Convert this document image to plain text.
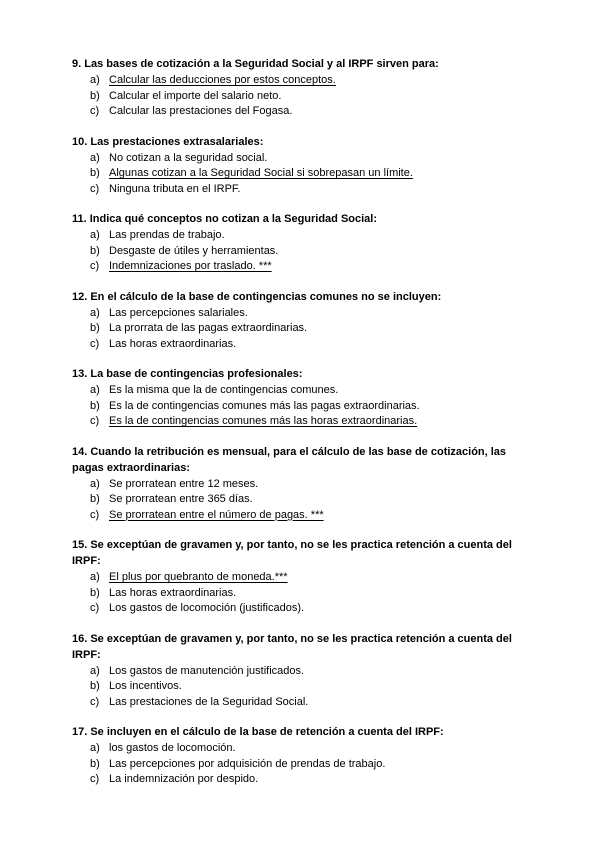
9. Las bases de cotización a la Seguridad Social y al IRPF sirven para:
a) Calcular las deducciones por estos conceptos.
b) Calcular el importe del salario neto.
c) Calcular las prestaciones del Fogasa.
10. Las prestaciones extrasalariales:
a) No cotizan a la seguridad social.
b) Algunas cotizan a la Seguridad Social si sobrepasan un límite.
c) Ninguna tributa en el IRPF.
11. Indica qué conceptos no cotizan a la Seguridad Social:
a) Las prendas de trabajo.
b) Desgaste de útiles y herramientas.
c) Indemnizaciones por traslado. ***
12. En el cálculo de la base de contingencias comunes no se incluyen:
a) Las percepciones salariales.
b) La prorrata de las pagas extraordinarias.
c) Las horas extraordinarias.
13. La base de contingencias profesionales:
a) Es la misma que la de contingencias comunes.
b) Es la de contingencias comunes más las pagas extraordinarias.
c) Es la de contingencias comunes más las horas extraordinarias.
14. Cuando la retribución es mensual, para el cálculo de las base de cotización, las pagas extraordinarias:
a) Se prorratean entre 12 meses.
b) Se prorratean entre 365 días.
c) Se prorratean entre el número de pagas. ***
15. Se exceptúan de gravamen y, por tanto, no se les practica retención a cuenta del IRPF:
a) El plus por quebranto de moneda.***
b) Las horas extraordinarias.
c) Los gastos de locomoción (justificados).
16. Se exceptúan de gravamen y, por tanto, no se les practica retención a cuenta del IRPF:
a) Los gastos de manutención justificados.
b) Los incentivos.
c) Las prestaciones de la Seguridad Social.
17. Se incluyen en el cálculo de la base de retención a cuenta del IRPF:
a) los gastos de locomoción.
b) Las percepciones por adquisición de prendas de trabajo.
c) La indemnización por despido.
